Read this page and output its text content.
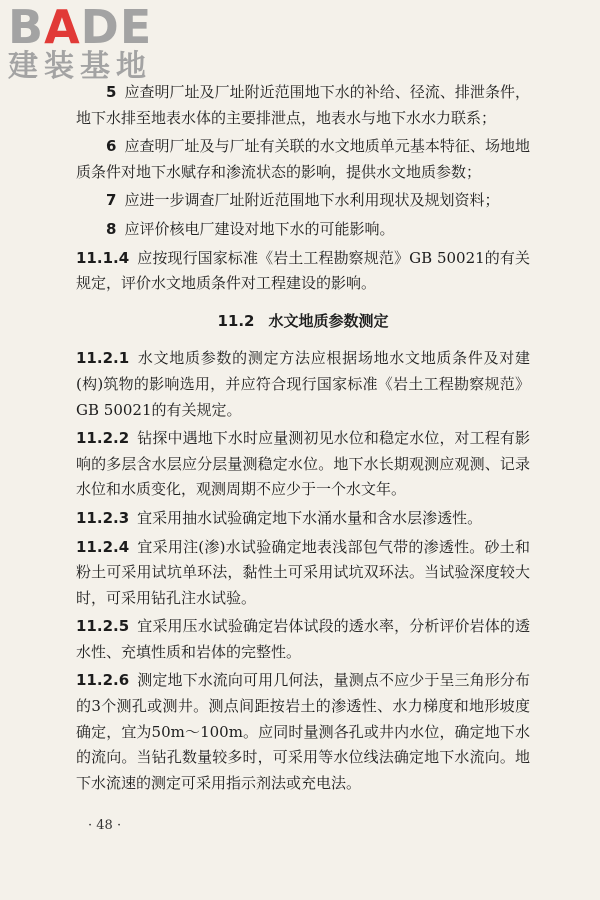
BADE
建装基地

5 应查明厂址及厂址附近范围地下水的补给、径流、排泄条件，地下水排至地表水体的主要排泄点，地表水与地下水水力联系；

6 应查明厂址及与厂址有关联的水文地质单元基本特征、场地地质条件对地下水赋存和渗流状态的影响，提供水文地质参数；

7 应进一步调查厂址附近范围地下水利用现状及规划资料；

8 应评价核电厂建设对地下水的可能影响。

11.1.4 应按现行国家标准《岩土工程勘察规范》GB 50021的有关规定，评价水文地质条件对工程建设的影响。

11.2 水文地质参数测定

11.2.1 水文地质参数的测定方法应根据场地水文地质条件及对建(构)筑物的影响选用，并应符合现行国家标准《岩土工程勘察规范》GB 50021的有关规定。

11.2.2 钻探中遇地下水时应量测初见水位和稳定水位，对工程有影响的多层含水层应分层量测稳定水位。地下水长期观测应观测、记录水位和水质变化，观测周期不应少于一个水文年。

11.2.3 宜采用抽水试验确定地下水涌水量和含水层渗透性。

11.2.4 宜采用注(渗)水试验确定地表浅部包气带的渗透性。砂土和粉土可采用试坑单环法，黏性土可采用试坑双环法。当试验深度较大时，可采用钻孔注水试验。

11.2.5 宜采用压水试验确定岩体试段的透水率，分析评价岩体的透水性、充填性质和岩体的完整性。

11.2.6 测定地下水流向可用几何法，量测点不应少于呈三角形分布的3个测孔或测井。测点间距按岩土的渗透性、水力梯度和地形坡度确定，宜为50m～100m。应同时量测各孔或井内水位，确定地下水的流向。当钻孔数量较多时，可采用等水位线法确定地下水流向。地下水流速的测定可采用指示剂法或充电法。

· 48 ·
